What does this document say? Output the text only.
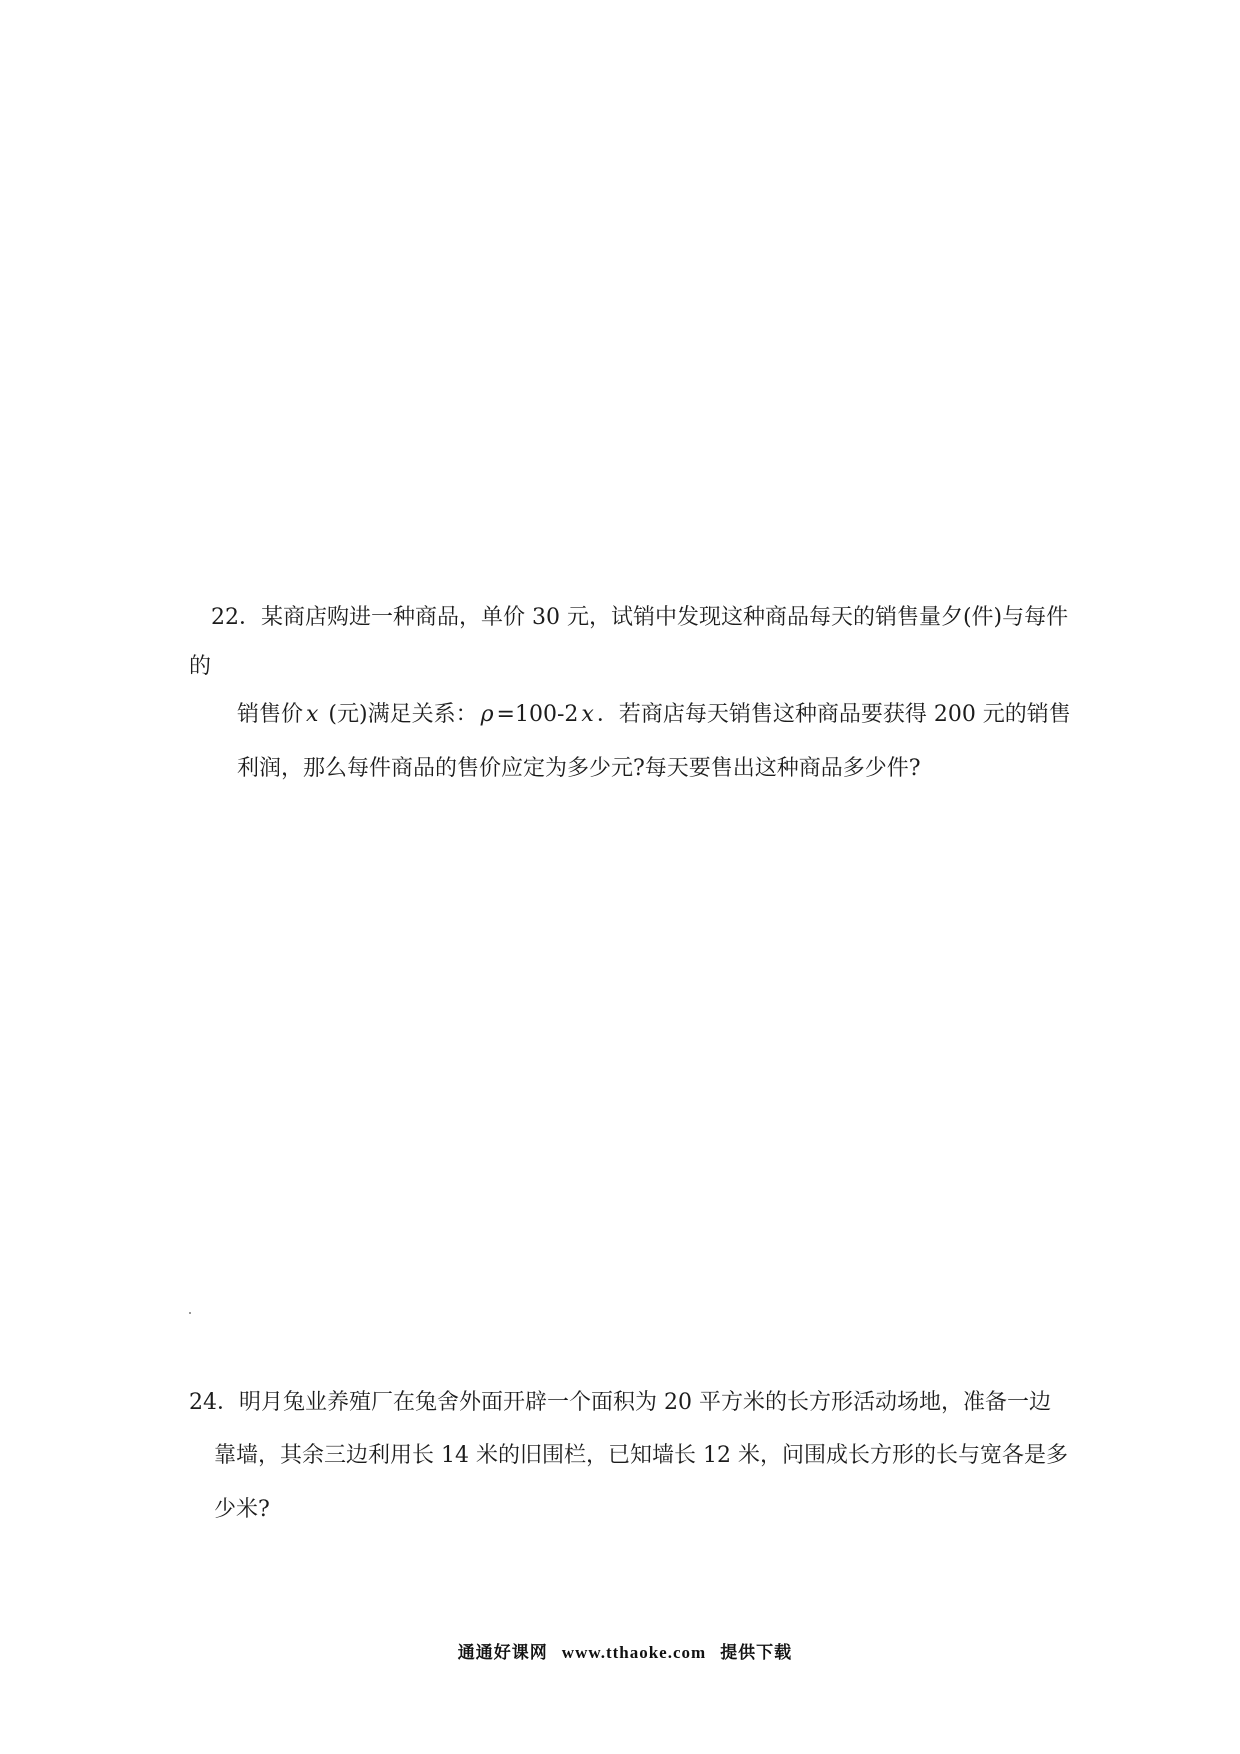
22．某商店购进一种商品，单价 30 元，试销中发现这种商品每天的销售量夕(件)与每件
的
销售价 x (元)满足关系： ρ =100-2 x ．若商店每天销售这种商品要获得 200 元的销售
利润，那么每件商品的售价应定为多少元?每天要售出这种商品多少件?
24．明月兔业养殖厂在兔舍外面开辟一个面积为 20 平方米的长方形活动场地，准备一边
靠墙，其余三边利用长 14 米的旧围栏，已知墙长 12 米，问围成长方形的长与宽各是多
少米?
通通好课网 www.tthaoke.com 提供下载
